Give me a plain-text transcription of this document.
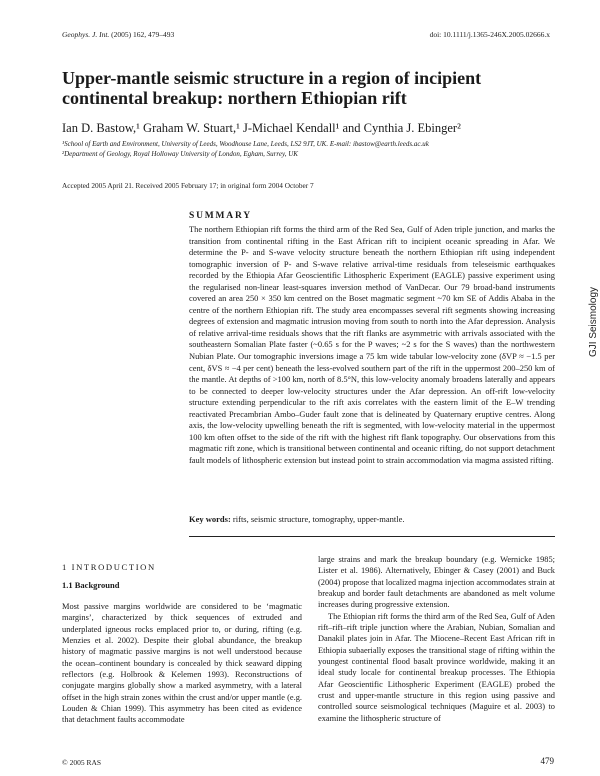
Geophys. J. Int. (2005) 162, 479–493	doi: 10.1111/j.1365-246X.2005.02666.x
Upper-mantle seismic structure in a region of incipient continental breakup: northern Ethiopian rift

Ian D. Bastow,¹ Graham W. Stuart,¹ J-Michael Kendall¹ and Cynthia J. Ebinger²

¹School of Earth and Environment, University of Leeds, Woodhouse Lane, Leeds, LS2 9JT, UK. E-mail: ibastow@earth.leeds.ac.uk

²Department of Geology, Royal Holloway University of London, Egham, Surrey, UK

Accepted 2005 April 21. Received 2005 February 17; in original form 2004 October 7

SUMMARY

The northern Ethiopian rift forms the third arm of the Red Sea, Gulf of Aden triple junction, and marks the transition from continental rifting in the East African rift to incipient oceanic spreading in Afar. We determine the P- and S-wave velocity structure beneath the northern Ethiopian rift using independent tomographic inversion of P- and S-wave relative arrival-time residuals from teleseismic earthquakes recorded by the Ethiopia Afar Geoscientific Lithospheric Experiment (EAGLE) passive experiment using the regularised non-linear least-squares inversion method of VanDecar. Our 79 broad-band instruments covered an area 250 × 350 km centred on the Boset magmatic segment ~70 km SE of Addis Ababa in the centre of the northern Ethiopian rift. The study area encompasses several rift segments showing increasing degrees of extension and magmatic intrusion moving from south to north into the Afar depression. Analysis of relative arrival-time residuals shows that the rift flanks are asymmetric with arrivals associated with the southeastern Somalian Plate faster (~0.65 s for the P waves; ~2 s for the S waves) than the northwestern Nubian Plate. Our tomographic inversions image a 75 km wide tabular low-velocity zone (δVP ≈ −1.5 per cent, δVS ≈ −4 per cent) beneath the less-evolved southern part of the rift in the uppermost 200–250 km of the mantle. At depths of >100 km, north of 8.5°N, this low-velocity anomaly broadens laterally and appears to be connected to deeper low-velocity structures under the Afar depression. An off-rift low-velocity structure extending perpendicular to the rift axis correlates with the eastern limit of the E–W trending reactivated Precambrian Ambo–Guder fault zone that is delineated by Quaternary eruptive centres. Along axis, the low-velocity upwelling beneath the rift is segmented, with low-velocity material in the uppermost 100 km often offset to the side of the rift with the highest rift flank topography. Our observations from this magmatic rift zone, which is transitional between continental and oceanic rifting, do not support detachment fault models of lithospheric extension but instead point to strain accommodation via magma assisted rifting.

Key words: rifts, seismic structure, tomography, upper-mantle.

GJI Seismology
1 INTRODUCTION
1.1 Background

Most passive margins worldwide are considered to be ‘magmatic margins’, characterized by thick sequences of extruded and underplated igneous rocks emplaced prior to, or during, rifting (e.g. Menzies et al. 2002). Despite their global abundance, the breakup history of magmatic passive margins is not well understood because the ocean–continent boundary is concealed by thick seaward dipping reflectors (e.g. Holbrook & Kelemen 1993). Reconstructions of conjugate margins globally show a marked asymmetry, with a lateral offset in the high strain zones within the crust and/or upper mantle (e.g. Louden & Chian 1999). This asymmetry has been cited as evidence that detachment faults accommodate

large strains and mark the breakup boundary (e.g. Wernicke 1985; Lister et al. 1986). Alternatively, Ebinger & Casey (2001) and Buck (2004) propose that localized magma injection accommodates strain at breakup and border fault detachments are abandoned as melt volume increases during progressive extension.

The Ethiopian rift forms the third arm of the Red Sea, Gulf of Aden rift–rift–rift triple junction where the Arabian, Nubian, Somalian and Danakil plates join in Afar. The Miocene–Recent East African rift in Ethiopia subaerially exposes the transitional stage of rifting within the youngest continental flood basalt province worldwide, making it an ideal study locale for continental breakup processes. The Ethiopia Afar Geoscientific Lithospheric Experiment (EAGLE) probed the crust and upper-mantle structure in this region using passive and controlled source seismological techniques (Maguire et al. 2003) to examine the lithospheric structure of

© 2005 RAS	479
